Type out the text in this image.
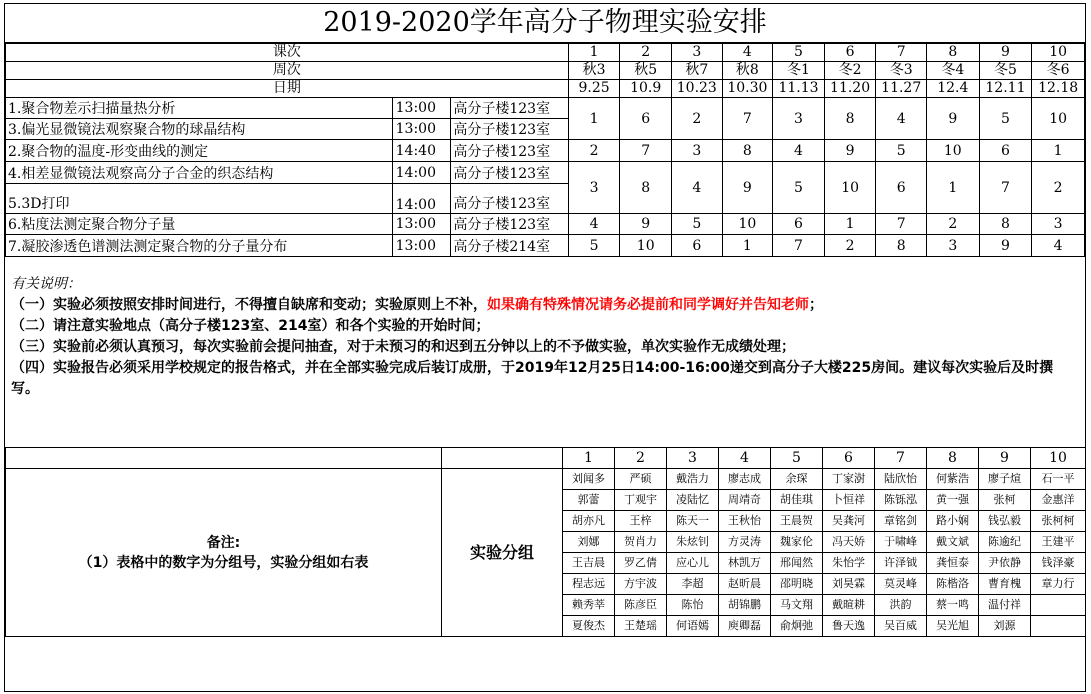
2019-2020学年高分子物理实验安排
课次			1	2	3	4	5	6	7	8	9	10
周次			秋3	秋5	秋7	秋8	冬1	冬2	冬3	冬4	冬5	冬6
日期			9.25	10.9	10.23	10.30	11.13	11.20	11.27	12.4	12.11	12.18
1.聚合物差示扫描量热分析	13:00	高分子楼123室	1	6	2	7	3	8	4	9	5	10
3.偏光显微镜法观察聚合物的球晶结构	13:00	高分子楼123室										
2.聚合物的温度-形变曲线的测定	14:40	高分子楼123室	2	7	3	8	4	9	5	10	6	1
4.相差显微镜法观察高分子合金的织态结构	14:00	高分子楼123室	3	8	4	9	5	10	6	1	7	2
5.3D打印	14:00	高分子楼123室										
6.粘度法测定聚合物分子量	13:00	高分子楼123室	4	9	5	10	6	1	7	2	8	3
7.凝胶渗透色谱测法测定聚合物的分子量分布	13:00	高分子楼214室	5	10	6	1	7	2	8	3	9	4
有关说明：
（一）实验必须按照安排时间进行，不得擅自缺席和变动；实验原则上不补，如果确有特殊情况请务必提前和同学调好并告知老师；
（二）请注意实验地点（高分子楼123室、214室）和各个实验的开始时间；
（三）实验前必须认真预习，每次实验前会提问抽查，对于未预习的和迟到五分钟以上的不予做实验，单次实验作无成绩处理；
（四）实验报告必须采用学校规定的报告格式，并在全部实验完成后装订成册，于2019年12月25日14:00-16:00递交到高分子大楼225房间。建议每次实验后及时撰写。
		1	2	3	4	5	6	7	8	9	10

备注:
（1）表格中的数字为分组号，实验分组如右表	实验分组	刘闻多	严硕	戴浩力	廖志成	余琛	丁家澍	陆欣怡	何紫浩	廖子煊	石一平
		郭蕾	丁观宇	凌陆忆	周靖奇	胡佳琪	卜恒祥	陈铄泓	黄一强	张柯	金惠洋
		胡亦凡	王梓	陈天一	王秋怡	王晨贺	吴龚河	章铭剑	路小娴	钱弘毅	张柯柯
		刘娜	贺肖力	朱炫钊	方灵涛	魏家伦	冯天娇	于啸峰	戴文斌	陈逾纪	王建平
		王吉晨	罗乙倩	应心儿	林凯万	邢闻然	朱怡学	许泽钺	龚恒泰	尹依静	钱泽豪
		程志远	方宇波	李超	赵昕晨	邵明晓	刘昊霖	莫灵峰	陈楷洛	曹育槐	章力行
		赖秀莘	陈彦臣	陈怡	胡锦鹏	马文翔	戴暄耕	洪韵	蔡一鸣	温付祥	
		夏俊杰	王楚瑶	何语嫣	庾卿磊	俞炯弛	鲁天逸	吴百威	吴光旭	刘源	
